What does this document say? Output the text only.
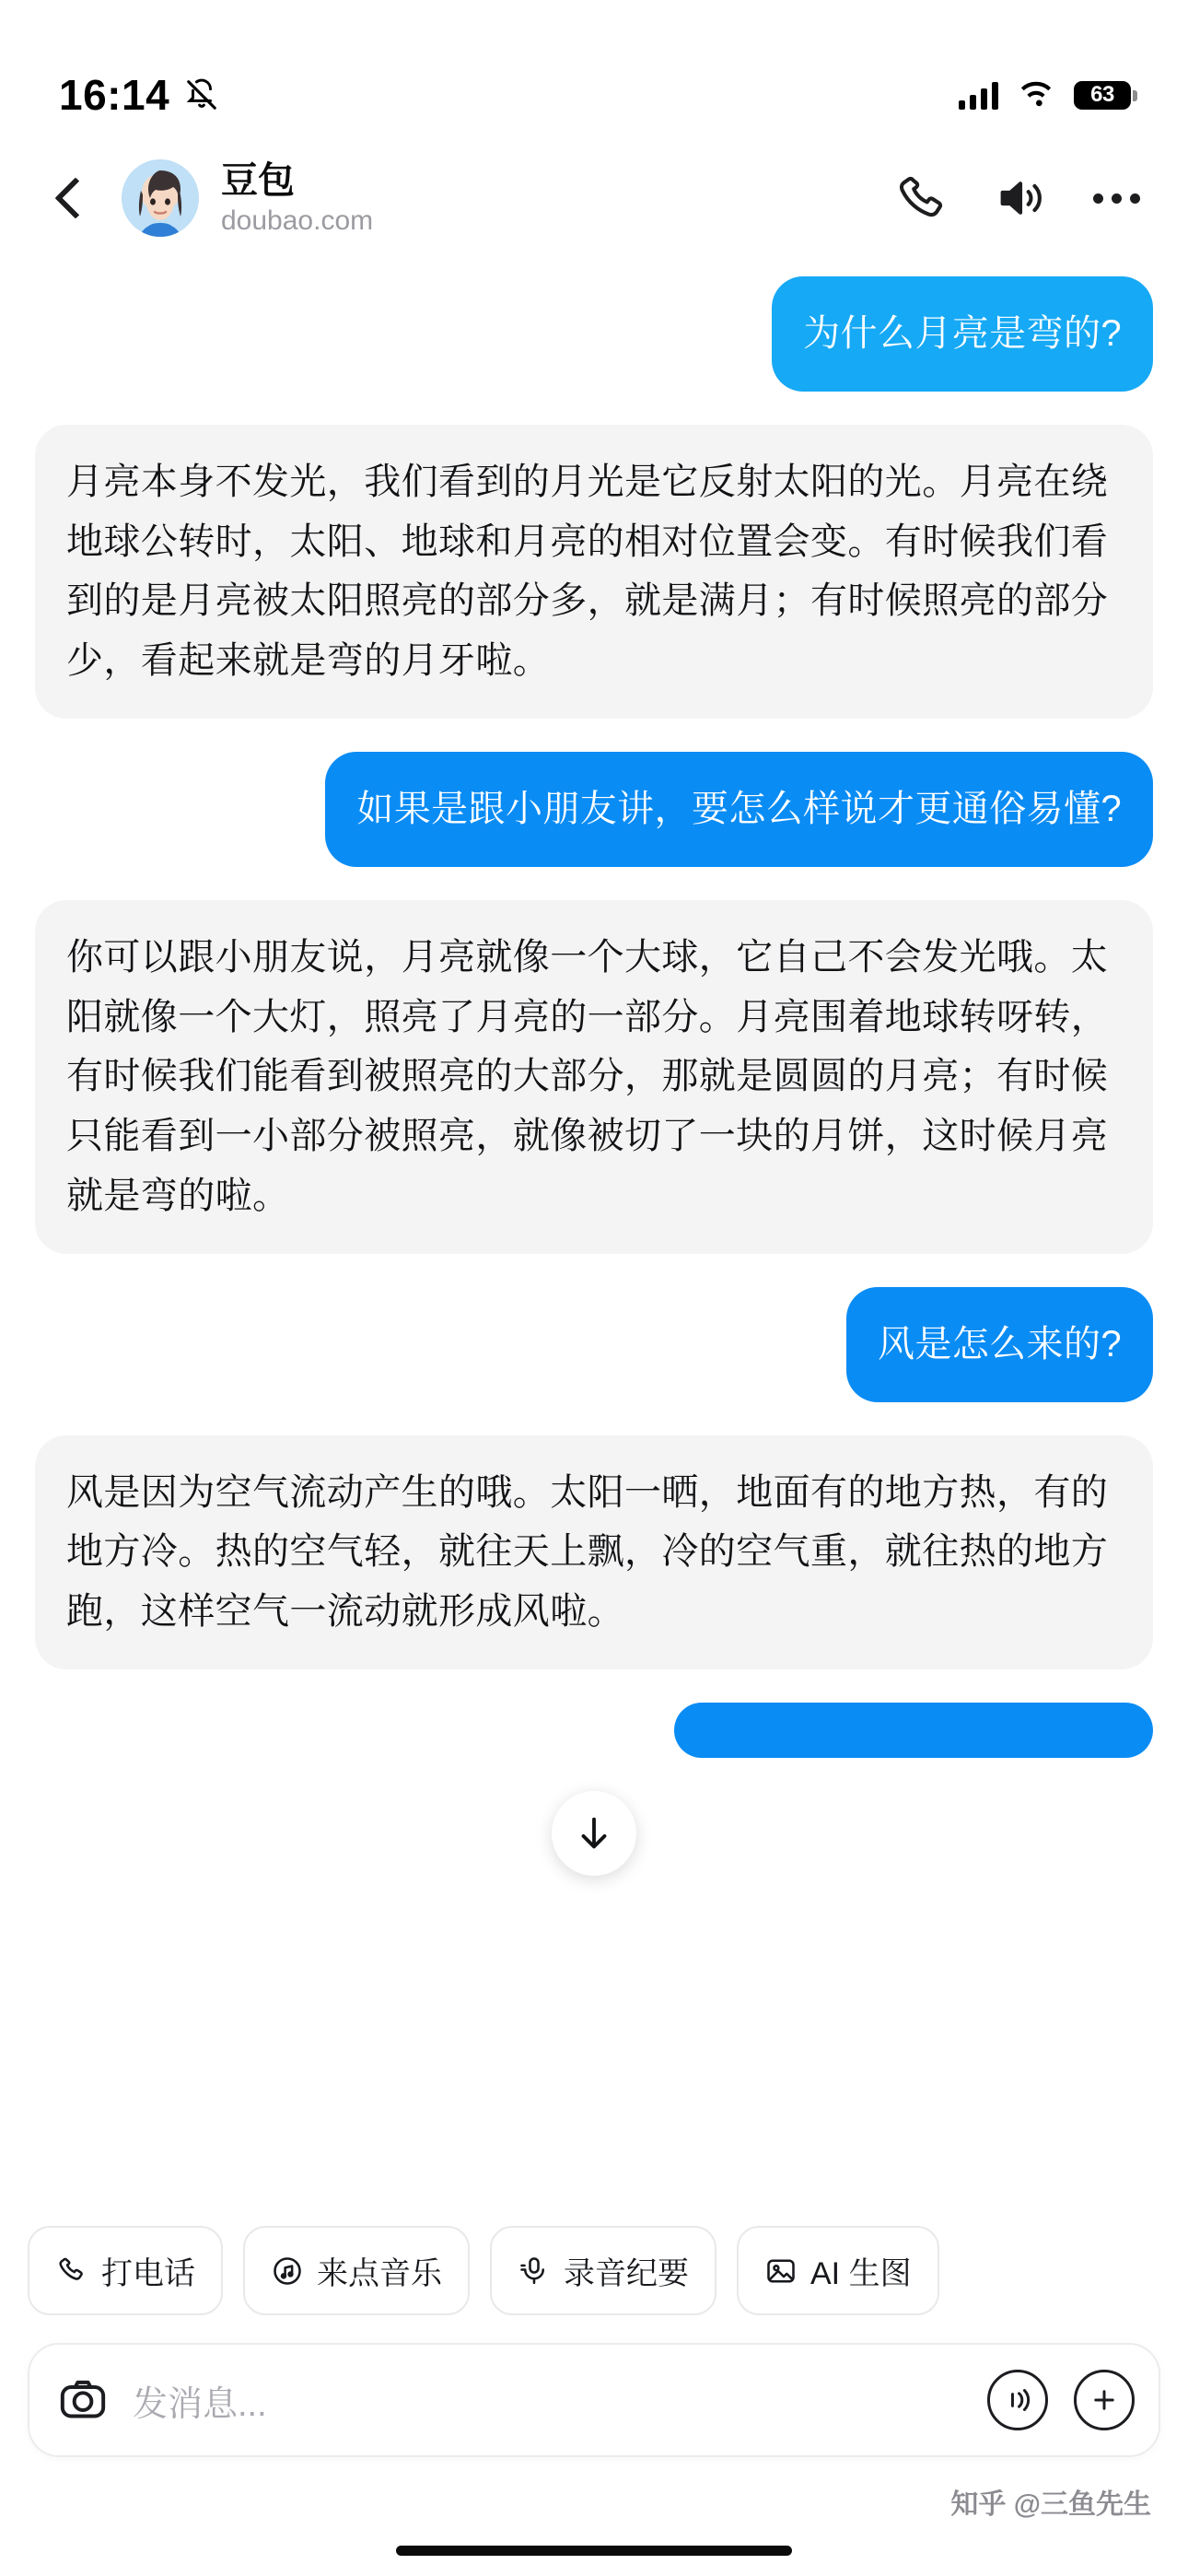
16:14	63
豆包
doubao.com
为什么月亮是弯的?
月亮本身不发光，我们看到的月光是它反射太阳的光。月亮在绕地球公转时，太阳、地球和月亮的相对位置会变。有时候我们看到的是月亮被太阳照亮的部分多，就是满月；有时候照亮的部分少，看起来就是弯的月牙啦。
如果是跟小朋友讲，要怎么样说才更通俗易懂?
你可以跟小朋友说，月亮就像一个大球，它自己不会发光哦。太阳就像一个大灯，照亮了月亮的一部分。月亮围着地球转呀转，有时候我们能看到被照亮的大部分，那就是圆圆的月亮；有时候只能看到一小部分被照亮，就像被切了一块的月饼，这时候月亮就是弯的啦。
风是怎么来的?
风是因为空气流动产生的哦。太阳一晒，地面有的地方热，有的地方冷。热的空气轻，就往天上飘，冷的空气重，就往热的地方跑，这样空气一流动就形成风啦。
打电话	来点音乐	录音纪要	AI 生图
发消息...
知乎 @三鱼先生
